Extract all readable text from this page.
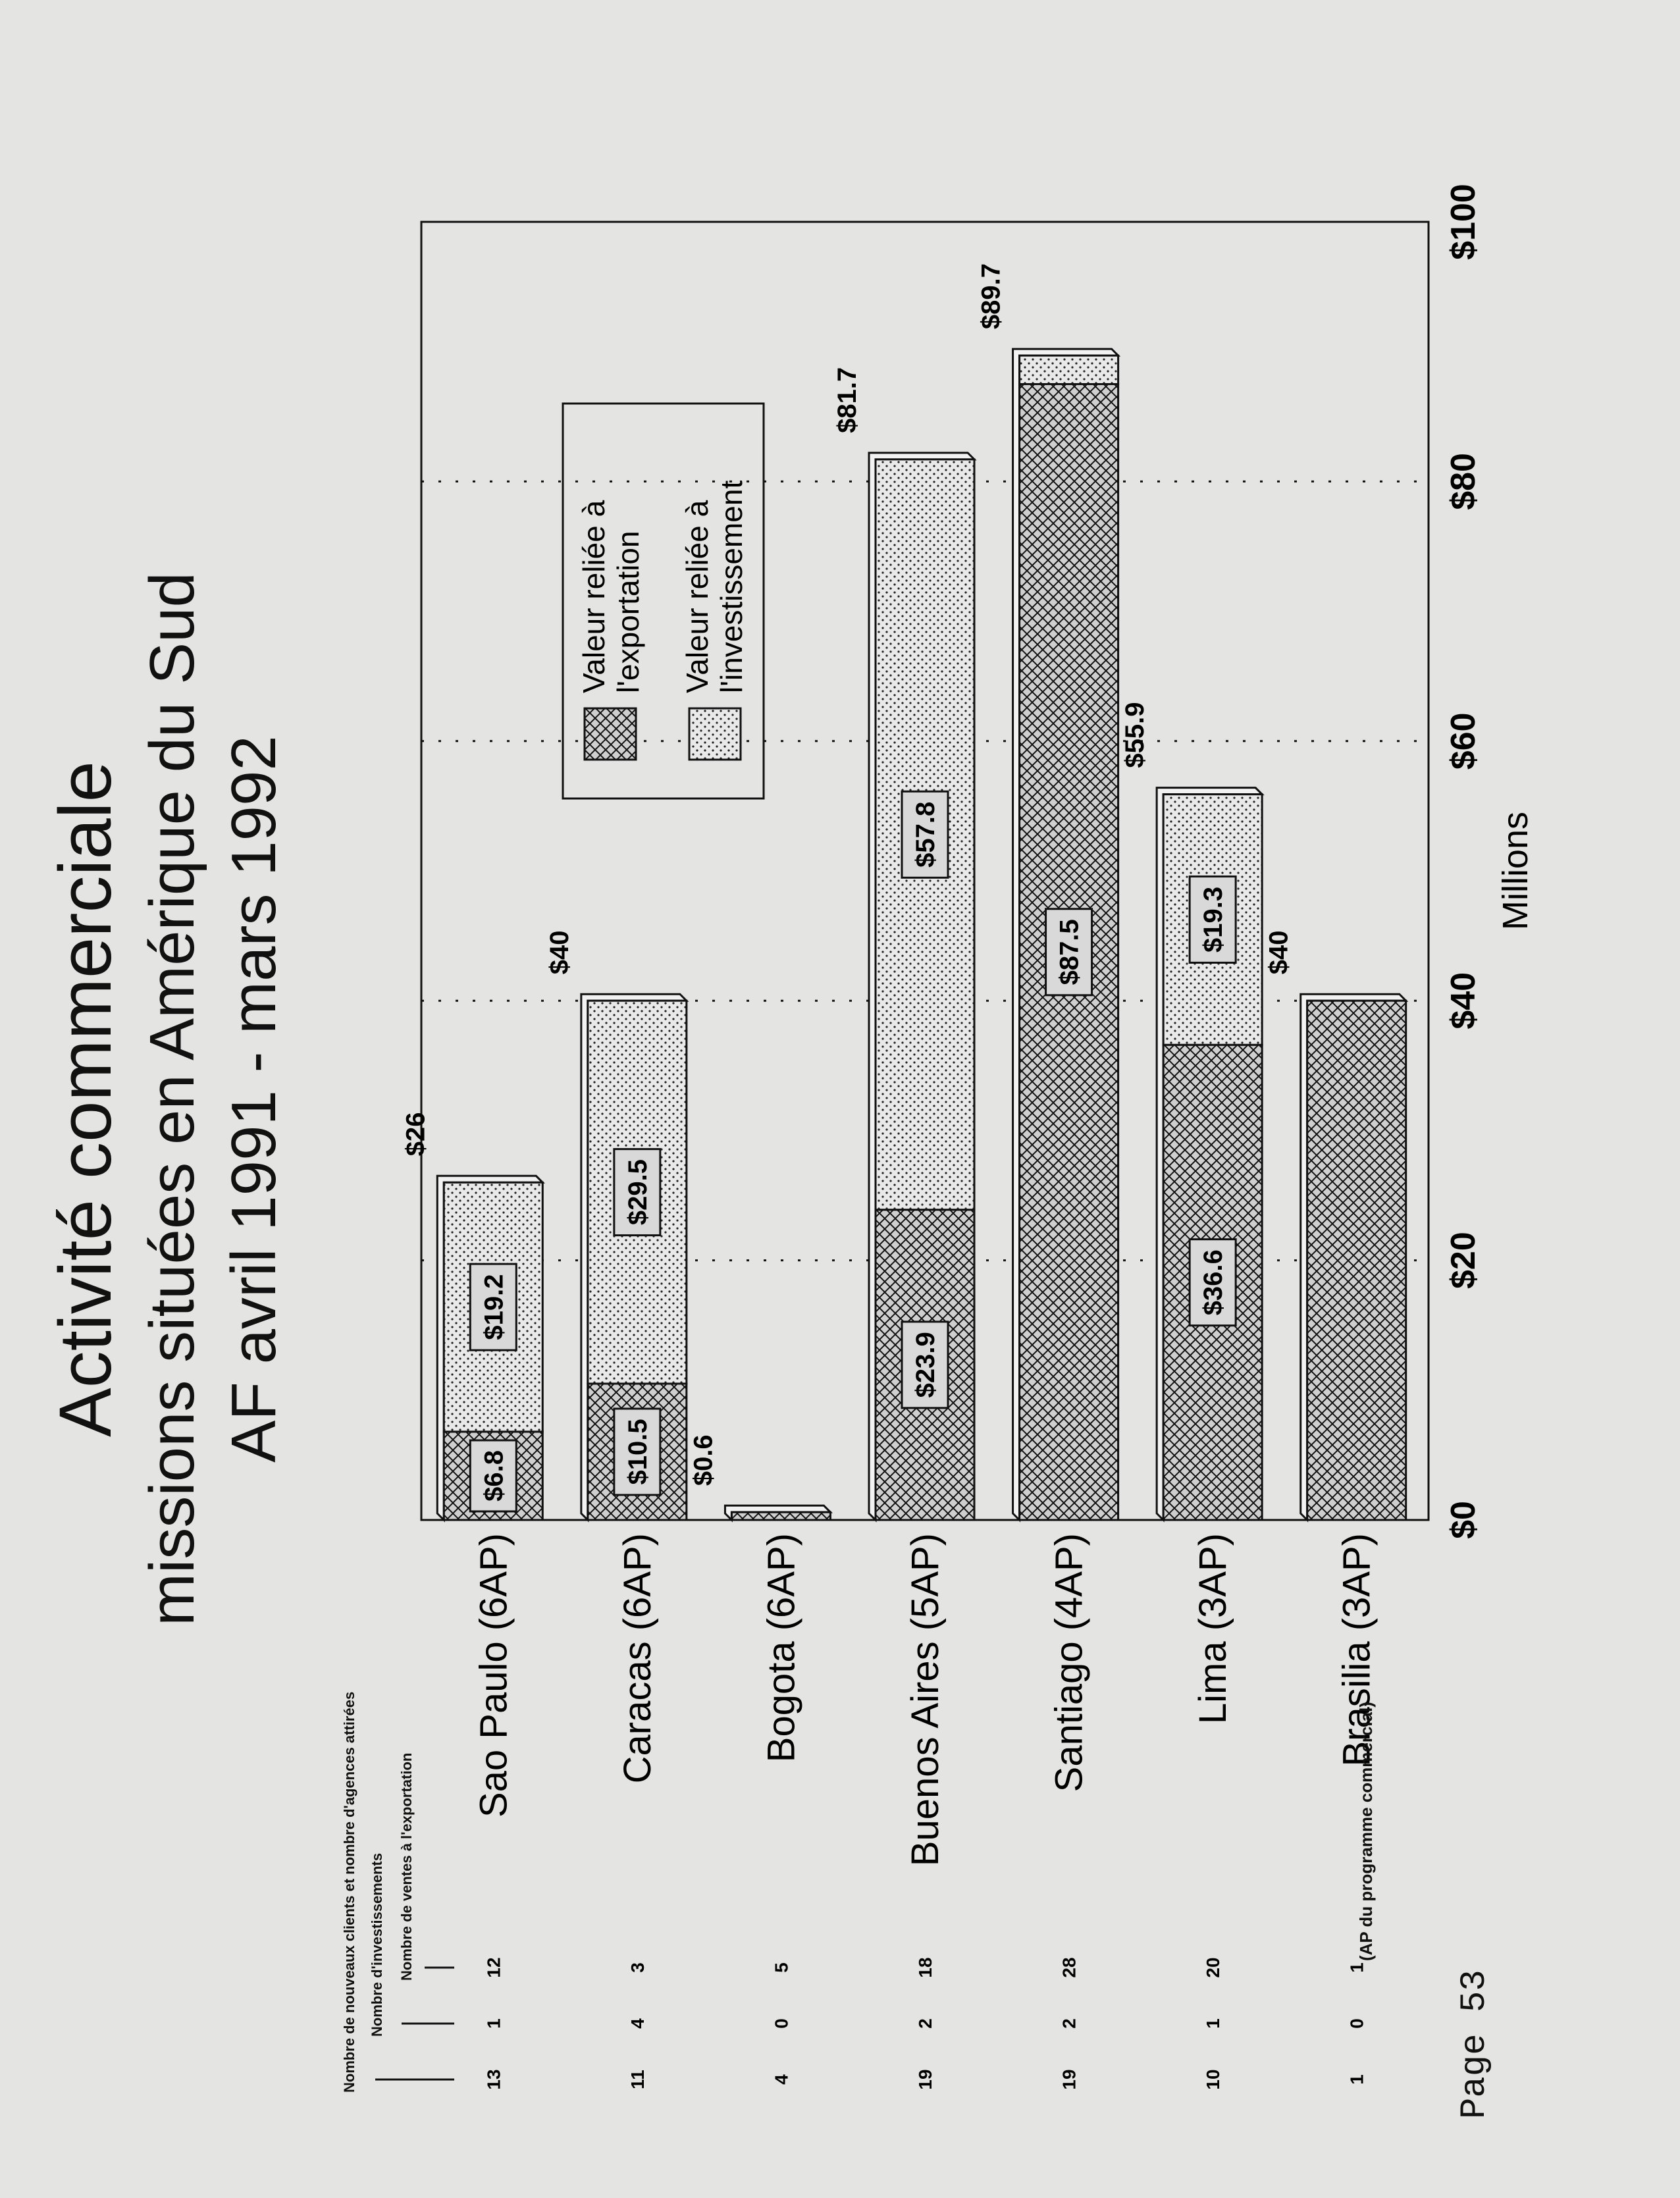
Activité commerciale missions situées en Amérique du Sud AF avril 1991 - mars 1992
Nombre de nouveaux clients et nombre d'agences attirées Nombre d'investissements Nombre de ventes à l'exportation
$0
$20
$40
$60
$80
$100
Millions
$6.8
$19.2
$26
Sao Paulo (6AP)
13
1
12
$10.5
$29.5
$40
Caracas (6AP)
11
4
3
$0.6
Bogota (6AP)
4
0
5
$23.9
$57.8
$81.7
Buenos Aires (5AP)
19
2
18
$87.5
$89.7
Santiago (4AP)
19
2
28
$36.6
$19.3
$55.9
Lima (3AP)
10
1
20
$40
Brasilia (3AP)
1
0
1
Valeur reliée à l'exportation Valeur reliée à l'investissement
(AP du programme commercial)
Page 53
